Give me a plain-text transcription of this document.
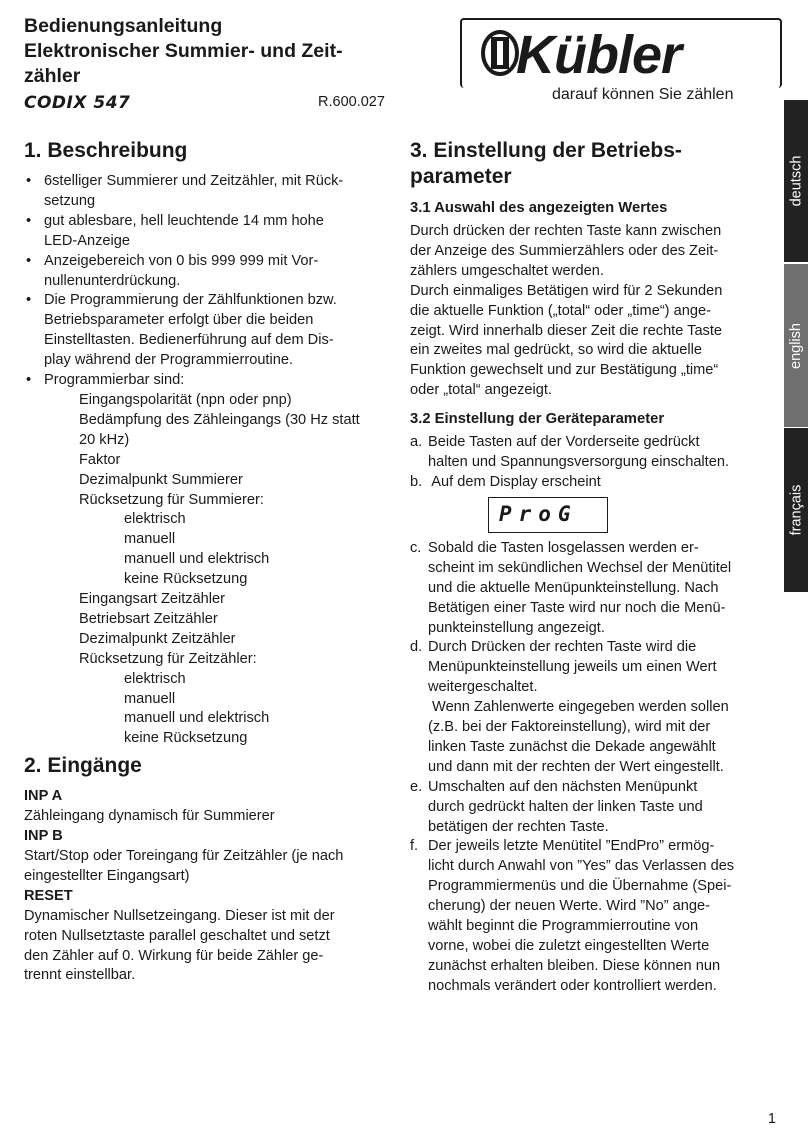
Bedienungsanleitung
Elektronischer Summier- und Zeit-
zähler
CODIX 547	R.600.027
Kübler
darauf können Sie zählen
1. Beschreibung
• 6stelliger Summierer und Zeitzähler, mit Rück-
setzung
• gut ablesbare, hell leuchtende 14 mm hohe
LED-Anzeige
• Anzeigebereich von 0 bis 999 999 mit Vor-
nullenunterdrückung.
• Die Programmierung der Zählfunktionen bzw.
Betriebsparameter erfolgt über die beiden
Einstelltasten. Bedienerführung auf dem Dis-
play während der Programmierroutine.
• Programmierbar sind:
Eingangspolarität (npn oder pnp)
Bedämpfung des Zähleingangs (30 Hz statt
20 kHz)
Faktor
Dezimalpunkt Summierer
Rücksetzung für Summierer:
elektrisch
manuell
manuell und elektrisch
keine Rücksetzung
Eingangsart Zeitzähler
Betriebsart Zeitzähler
Dezimalpunkt Zeitzähler
Rücksetzung für Zeitzähler:
elektrisch
manuell
manuell und elektrisch
keine Rücksetzung
2. Eingänge
INP A
Zähleingang dynamisch für Summierer
INP B
Start/Stop oder Toreingang für Zeitzähler (je nach
eingestellter Eingangsart)
RESET
Dynamischer Nullsetzeingang. Dieser ist mit der
roten Nullsetztaste parallel geschaltet und setzt
den Zähler auf 0. Wirkung für beide Zähler ge-
trennt einstellbar.
3. Einstellung der Betriebs-
parameter
3.1 Auswahl des angezeigten Wertes
Durch drücken der rechten Taste kann zwischen
der Anzeige des Summierzählers oder des Zeit-
zählers umgeschaltet werden.
Durch einmaliges Betätigen wird für 2 Sekunden
die aktuelle Funktion („total“ oder „time“) ange-
zeigt. Wird innerhalb dieser Zeit die rechte Taste
ein zweites mal gedrückt, so wird die aktuelle
Funktion gewechselt und zur Bestätigung „time“
oder „total“ angezeigt.
3.2 Einstellung der Geräteparameter
a. Beide Tasten auf der Vorderseite gedrückt
halten und Spannungsversorgung einschalten.
b. Auf dem Display erscheint
ProG
c. Sobald die Tasten losgelassen werden er-
scheint im sekündlichen Wechsel der Menütitel
und die aktuelle Menüpunkteinstellung. Nach
Betätigen einer Taste wird nur noch die Menü-
punkteinstellung angezeigt.
d. Durch Drücken der rechten Taste wird die
Menüpunkteinstellung jeweils um einen Wert
weitergeschaltet.
Wenn Zahlenwerte eingegeben werden sollen
(z.B. bei der Faktoreinstellung), wird mit der
linken Taste zunächst die Dekade angewählt
und dann mit der rechten der Wert eingestellt.
e. Umschalten auf den nächsten Menüpunkt
durch gedrückt halten der linken Taste und
betätigen der rechten Taste.
f. Der jeweils letzte Menütitel ”EndPro” ermög-
licht durch Anwahl von ”Yes” das Verlassen des
Programmiermenüs und die Übernahme (Spei-
cherung) der neuen Werte. Wird ”No” ange-
wählt beginnt die Programmierroutine von
vorne, wobei die zuletzt eingestellten Werte
zunächst erhalten bleiben. Diese können nun
nochmals verändert oder kontrolliert werden.
deutsch
english
français
1
